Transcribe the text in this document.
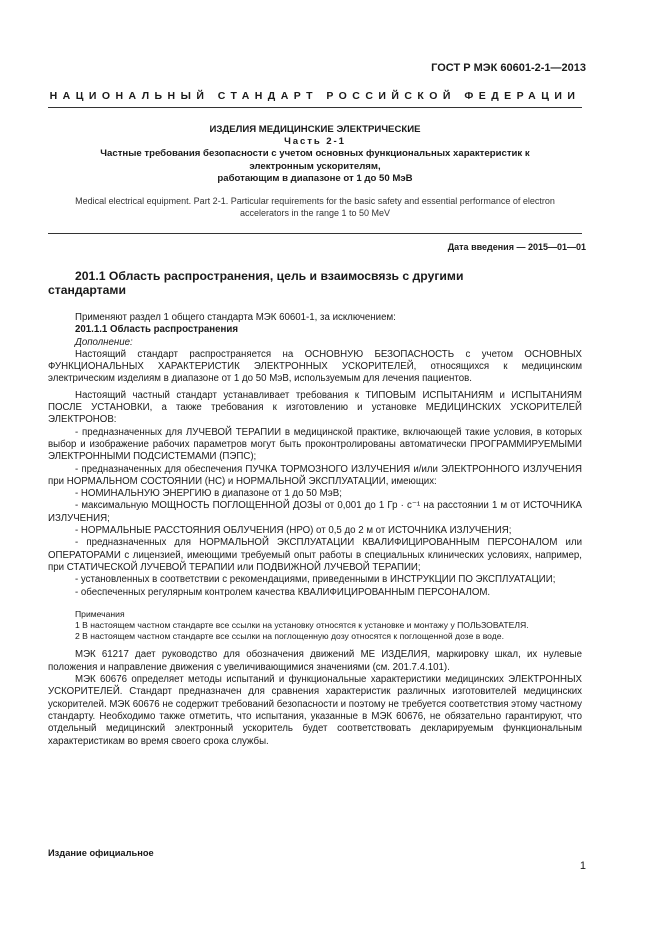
ГОСТ Р МЭК 60601-2-1—2013
НАЦИОНАЛЬНЫЙ СТАНДАРТ РОССИЙСКОЙ ФЕДЕРАЦИИ
ИЗДЕЛИЯ МЕДИЦИНСКИЕ ЭЛЕКТРИЧЕСКИЕ
Часть 2-1
Частные требования безопасности с учетом основных функциональных характеристик к
электронным ускорителям,
работающим в диапазоне от 1 до 50 МэВ
Medical electrical equipment. Part 2-1. Particular requirements for the basic safety and essential performance of electron
accelerators in the range 1 to 50 MeV
Дата введения — 2015—01—01
201.1 Область распространения, цель и взаимосвязь с другими
стандартами

Применяют раздел 1 общего стандарта МЭК 60601-1, за исключением:

201.1.1 Область распространения

Дополнение:

Настоящий стандарт распространяется на ОСНОВНУЮ БЕЗОПАСНОСТЬ с учетом ОСНОВНЫХ ФУНКЦИОНАЛЬНЫХ ХАРАКТЕРИСТИК ЭЛЕКТРОННЫХ УСКОРИТЕЛЕЙ, относящихся к медицинским электрическим изделиям в диапазоне от 1 до 50 МэВ, используемым для лечения пациентов.

Настоящий частный стандарт устанавливает требования к ТИПОВЫМ ИСПЫТАНИЯМ и ИСПЫТАНИЯМ ПОСЛЕ УСТАНОВКИ, а также требования к изготовлению и установке МЕДИЦИНСКИХ УСКОРИТЕЛЕЙ ЭЛЕКТРОНОВ:

- предназначенных для ЛУЧЕВОЙ ТЕРАПИИ в медицинской практике, включающей такие условия, в которых выбор и изображение рабочих параметров могут быть проконтролированы автоматически ПРОГРАММИРУЕМЫМИ ЭЛЕКТРОННЫМИ ПОДСИСТЕМАМИ (ПЭПС);

- предназначенных для обеспечения ПУЧКА ТОРМОЗНОГО ИЗЛУЧЕНИЯ и/или ЭЛЕКТРОННОГО ИЗЛУЧЕНИЯ при НОРМАЛЬНОМ СОСТОЯНИИ (НС) и НОРМАЛЬНОЙ ЭКСПЛУАТАЦИИ, имеющих:

- НОМИНАЛЬНУЮ ЭНЕРГИЮ в диапазоне от 1 до 50 МэВ;

- максимальную МОЩНОСТЬ ПОГЛОЩЕННОЙ ДОЗЫ от 0,001 до 1 Гр · с⁻¹ на расстоянии 1 м от ИСТОЧНИКА ИЗЛУЧЕНИЯ;

- НОРМАЛЬНЫЕ РАССТОЯНИЯ ОБЛУЧЕНИЯ (НРО) от 0,5 до 2 м от ИСТОЧНИКА ИЗЛУЧЕНИЯ;

- предназначенных для НОРМАЛЬНОЙ ЭКСПЛУАТАЦИИ КВАЛИФИЦИРОВАННЫМ ПЕРСОНАЛОМ или ОПЕРАТОРАМИ с лицензией, имеющими требуемый опыт работы в специальных клинических условиях, например, при СТАТИЧЕСКОЙ ЛУЧЕВОЙ ТЕРАПИИ или ПОДВИЖНОЙ ЛУЧЕВОЙ ТЕРАПИИ;

- установленных в соответствии с рекомендациями, приведенными в ИНСТРУКЦИИ ПО ЭКСПЛУАТАЦИИ;

- обеспеченных регулярным контролем качества КВАЛИФИЦИРОВАННЫМ ПЕРСОНАЛОМ.

Примечания

1 В настоящем частном стандарте все ссылки на установку относятся к установке и монтажу у ПОЛЬЗОВАТЕЛЯ.

2 В настоящем частном стандарте все ссылки на поглощенную дозу относятся к поглощенной дозе в воде.

МЭК 61217 дает руководство для обозначения движений МЕ ИЗДЕЛИЯ, маркировку шкал, их нулевые положения и направление движения с увеличивающимися значениями (см. 201.7.4.101).

МЭК 60676 определяет методы испытаний и функциональные характеристики медицинских ЭЛЕКТРОННЫХ УСКОРИТЕЛЕЙ. Стандарт предназначен для сравнения характеристик различных изготовителей медицинских ускорителей. МЭК 60676 не содержит требований безопасности и поэтому не требуется соответствия этому частному стандарту. Необходимо также отметить, что испытания, указанные в МЭК 60676, не обязательно гарантируют, что отдельный медицинский электронный ускоритель будет соответствовать декларируемым функциональным характеристикам во время своего срока службы.

Издание официальное
1
